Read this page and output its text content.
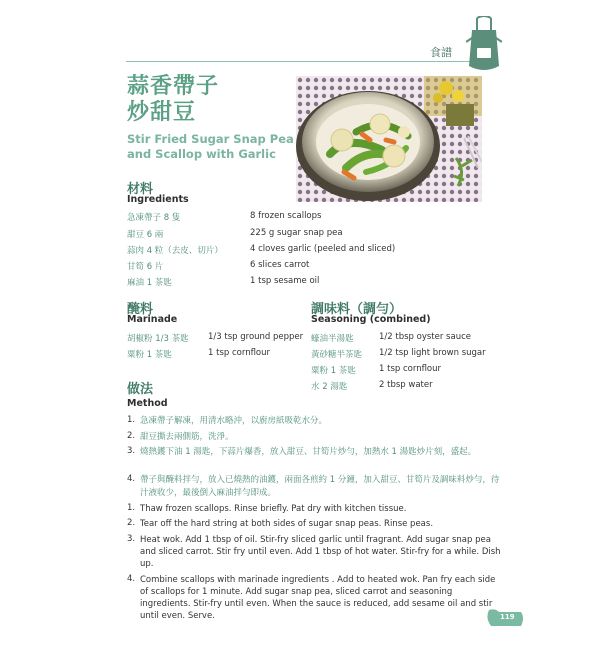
食譜
蒜香帶子
炒甜豆
Stir Fried Sugar Snap Pea
and Scallop with Garlic
材料
Ingredients
急凍帶子 8 隻	8 frozen scallops
甜豆 6 兩	225 g sugar snap pea
蒜肉 4 粒（去皮、切片）	4 cloves garlic (peeled and sliced)
甘筍 6 片	6 slices carrot
麻油 1 茶匙	1 tsp sesame oil
醃料
Marinade
胡椒粉 1/3 茶匙 1/3 tsp ground pepper
粟粉 1 茶匙	1 tsp cornflour
調味料（調勻）
Seasoning (combined)
蠔油半湯匙	1/2 tbsp oyster sauce
黃砂糖半茶匙 1/2 tsp light brown sugar
粟粉 1 茶匙	1 tsp cornflour
水 2 湯匙	2 tbsp water
做法
Method
1. 急凍帶子解凍，用清水略沖，以廚房紙吸乾水分。
2. 甜豆撕去兩側筋，洗淨。
3. 燒熱鑊下油 1 湯匙，下蒜片爆香，放入甜豆、甘筍片炒勻，加熱水 1 湯匙炒片刻，盛起。
4. 帶子與醃料拌勻，放入已燒熱的油鑊，兩面各煎約 1 分鐘，加入甜豆、甘筍片及調味料炒勻，待汁液收少，最後倒入麻油拌勻即成。
1. Thaw frozen scallops. Rinse briefly. Pat dry with kitchen tissue.
2. Tear off the hard string at both sides of sugar snap peas. Rinse peas.
3. Heat wok. Add 1 tbsp of oil. Stir-fry sliced garlic until fragrant. Add sugar snap pea and sliced carrot. Stir fry until even. Add 1 tbsp of hot water. Stir-fry for a while. Dish up.
4. Combine scallops with marinade ingredients . Add to heated wok. Pan fry each side of scallops for 1 minute. Add sugar snap pea, sliced carrot and seasoning ingredients. Stir-fry until even. When the sauce is reduced, add sesame oil and stir until even. Serve.	119
